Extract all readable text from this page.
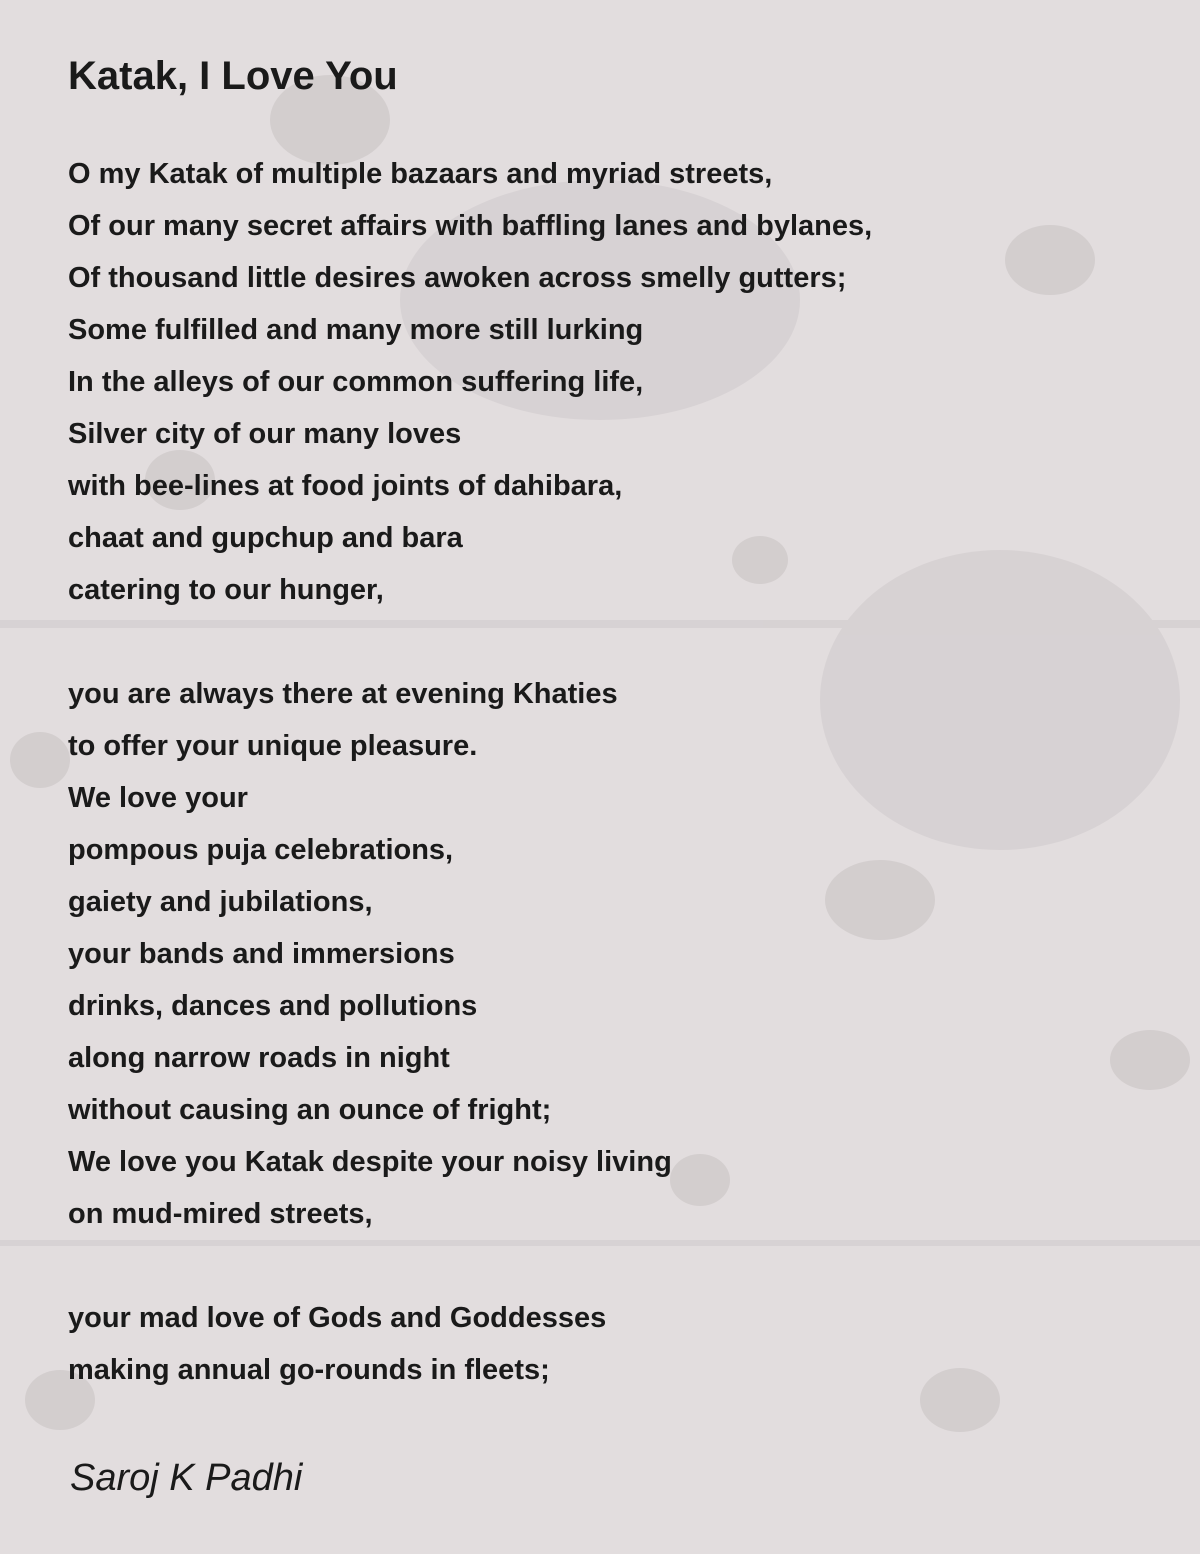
Katak, I Love You
O my Katak of multiple bazaars and myriad streets,
Of our many secret affairs with baffling lanes and bylanes,
Of thousand little desires awoken across smelly gutters;
Some fulfilled and many more still lurking
In the alleys of our common suffering life,
Silver city of our many loves
with bee-lines at food joints of dahibara,
chaat and gupchup and bara
catering to our hunger,
you are always there at evening Khaties
to offer your unique pleasure.
We love your
pompous puja celebrations,
gaiety and jubilations,
your bands and immersions
drinks, dances and pollutions
along narrow roads in night
without causing an ounce of fright;
We love you Katak despite your noisy living
on mud-mired streets,
your mad love of Gods and Goddesses
making annual go-rounds in fleets;
Saroj K Padhi
